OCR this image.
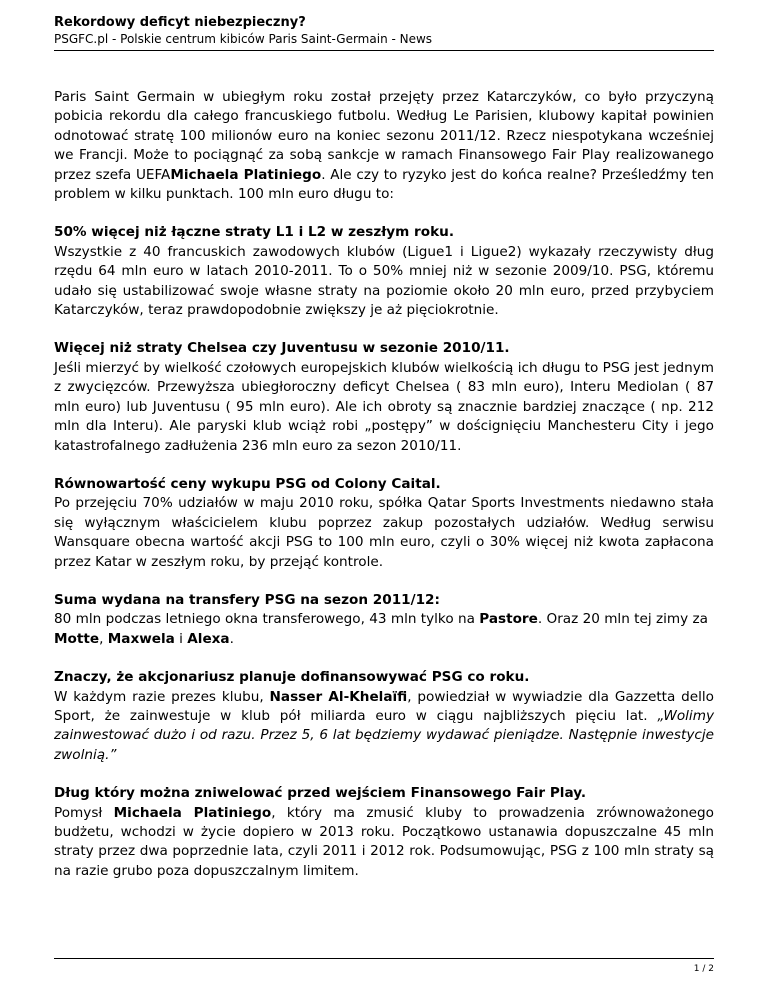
Rekordowy deficyt niebezpieczny?

PSGFC.pl - Polskie centrum kibiców Paris Saint-Germain - News

Paris Saint Germain w ubiegłym roku został przejęty przez Katarczyków, co było przyczyną pobicia rekordu dla całego francuskiego futbolu. Według Le Parisien, klubowy kapitał powinien odnotować stratę 100 milionów euro na koniec sezonu 2011/12. Rzecz niespotykana wcześniej we Francji. Może to pociągnąć za sobą sankcje w ramach Finansowego Fair Play realizowanego przez szefa UEFAMichaela Platiniego. Ale czy to ryzyko jest do końca realne? Prześledźmy ten problem w kilku punktach. 100 mln euro długu to:

50% więcej niż łączne straty L1 i L2 w zeszłym roku.

Wszystkie z 40 francuskich zawodowych klubów (Ligue1 i Ligue2) wykazały rzeczywisty dług rzędu 64 mln euro w latach 2010-2011. To o 50% mniej niż w sezonie 2009/10. PSG, któremu udało się ustabilizować swoje własne straty na poziomie około 20 mln euro, przed przybyciem Katarczyków, teraz prawdopodobnie zwiększy je aż pięciokrotnie.

Więcej niż straty Chelsea czy Juventusu w sezonie 2010/11.

Jeśli mierzyć by wielkość czołowych europejskich klubów wielkością ich długu to PSG jest jednym z zwycięzców. Przewyższa ubiegłoroczny deficyt Chelsea ( 83 mln euro), Interu Mediolan ( 87 mln euro) lub Juventusu ( 95 mln euro). Ale ich obroty są znacznie bardziej znaczące ( np. 212 mln dla Interu). Ale paryski klub wciąż robi „postępy” w doścignięciu Manchesteru City i jego katastrofalnego zadłużenia 236 mln euro za sezon 2010/11.

Równowartość ceny wykupu PSG od Colony Caital.

Po przejęciu 70% udziałów w maju 2010 roku, spółka Qatar Sports Investments niedawno stała się wyłącznym właścicielem klubu poprzez zakup pozostałych udziałów. Według serwisu Wansquare obecna wartość akcji PSG to 100 mln euro, czyli o 30% więcej niż kwota zapłacona przez Katar w zeszłym roku, by przejąć kontrole.

Suma wydana na transfery PSG na sezon 2011/12:

80 mln podczas letniego okna transferowego, 43 mln tylko na Pastore. Oraz 20 mln tej zimy za Motte, Maxwela i Alexa.

Znaczy, że akcjonariusz planuje dofinansowywać PSG co roku.

W każdym razie prezes klubu, Nasser Al-Khelaïfi, powiedział w wywiadzie dla Gazzetta dello Sport, że zainwestuje w klub pół miliarda euro w ciągu najbliższych pięciu lat. „Wolimy zainwestować dużo i od razu. Przez 5, 6 lat będziemy wydawać pieniądze. Następnie inwestycje zwolnią.”

Dług który można zniwelować przed wejściem Finansowego Fair Play.

Pomysł Michaela Platiniego, który ma zmusić kluby to prowadzenia zrównoważonego budżetu, wchodzi w życie dopiero w 2013 roku. Początkowo ustanawia dopuszczalne 45 mln straty przez dwa poprzednie lata, czyli 2011 i 2012 rok. Podsumowując, PSG z 100 mln straty są na razie grubo poza dopuszczalnym limitem.

1 / 2
